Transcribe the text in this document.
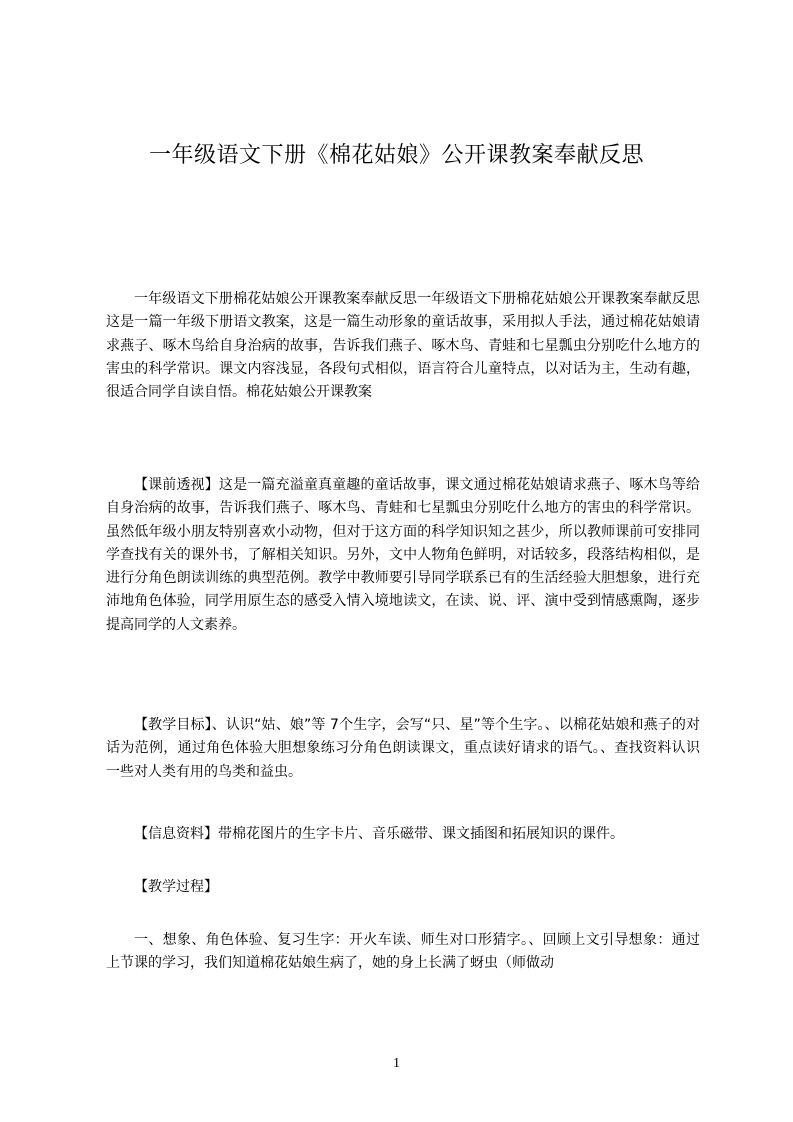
一年级语文下册《棉花姑娘》公开课教案奉献反思

一年级语文下册棉花姑娘公开课教案奉献反思一年级语文下册棉花姑娘公开课教案奉献反思这是一篇一年级下册语文教案，这是一篇生动形象的童话故事，采用拟人手法，通过棉花姑娘请求燕子、啄木鸟给自身治病的故事，告诉我们燕子、啄木鸟、青蛙和七星瓢虫分别吃什么地方的害虫的科学常识。课文内容浅显，各段句式相似，语言符合儿童特点，以对话为主，生动有趣，很适合同学自读自悟。棉花姑娘公开课教案

【课前透视】这是一篇充溢童真童趣的童话故事，课文通过棉花姑娘请求燕子、啄木鸟等给自身治病的故事，告诉我们燕子、啄木鸟、青蛙和七星瓢虫分别吃什么地方的害虫的科学常识。虽然低年级小朋友特别喜欢小动物，但对于这方面的科学知识知之甚少，所以教师课前可安排同学查找有关的课外书，了解相关知识。另外，文中人物角色鲜明，对话较多，段落结构相似，是进行分角色朗读训练的典型范例。教学中教师要引导同学联系已有的生活经验大胆想象，进行充沛地角色体验，同学用原生态的感受入情入境地读文，在读、说、评、演中受到情感熏陶，逐步提高同学的人文素养。

【教学目标】、认识“姑、娘”等 7个生字，会写“只、星”等个生字。、以棉花姑娘和燕子的对话为范例，通过角色体验大胆想象练习分角色朗读课文，重点读好请求的语气。、查找资料认识一些对人类有用的鸟类和益虫。

【信息资料】带棉花图片的生字卡片、音乐磁带、课文插图和拓展知识的课件。

【教学过程】

一、想象、角色体验、复习生字：开火车读、师生对口形猜字。、回顾上文引导想象：通过上节课的学习，我们知道棉花姑娘生病了，她的身上长满了蚜虫（师做动

1
